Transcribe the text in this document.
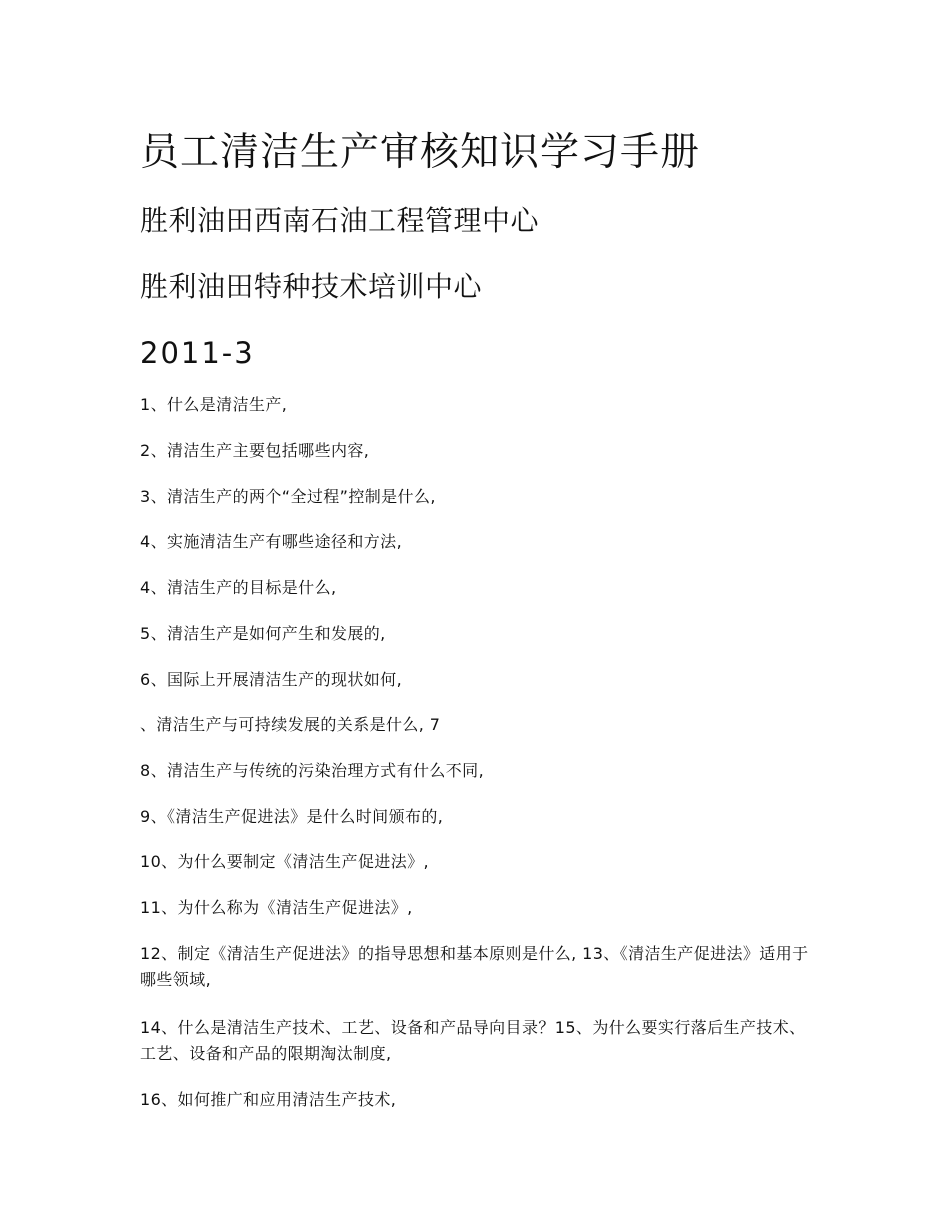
员工清洁生产审核知识学习手册
胜利油田西南石油工程管理中心
胜利油田特种技术培训中心
2011-3

1、什么是清洁生产,

2、清洁生产主要包括哪些内容,

3、清洁生产的两个“全过程”控制是什么,

4、实施清洁生产有哪些途径和方法,

4、清洁生产的目标是什么,

5、清洁生产是如何产生和发展的,

6、国际上开展清洁生产的现状如何,

、清洁生产与可持续发展的关系是什么, 7

8、清洁生产与传统的污染治理方式有什么不同,

9、《清洁生产促进法》是什么时间颁布的,

10、为什么要制定《清洁生产促进法》,

11、为什么称为《清洁生产促进法》,

12、制定《清洁生产促进法》的指导思想和基本原则是什么, 13、《清洁生产促进法》适用于哪些领域,

14、什么是清洁生产技术、工艺、设备和产品导向目录？15、为什么要实行落后生产技术、工艺、设备和产品的限期淘汰制度,

16、如何推广和应用清洁生产技术,
